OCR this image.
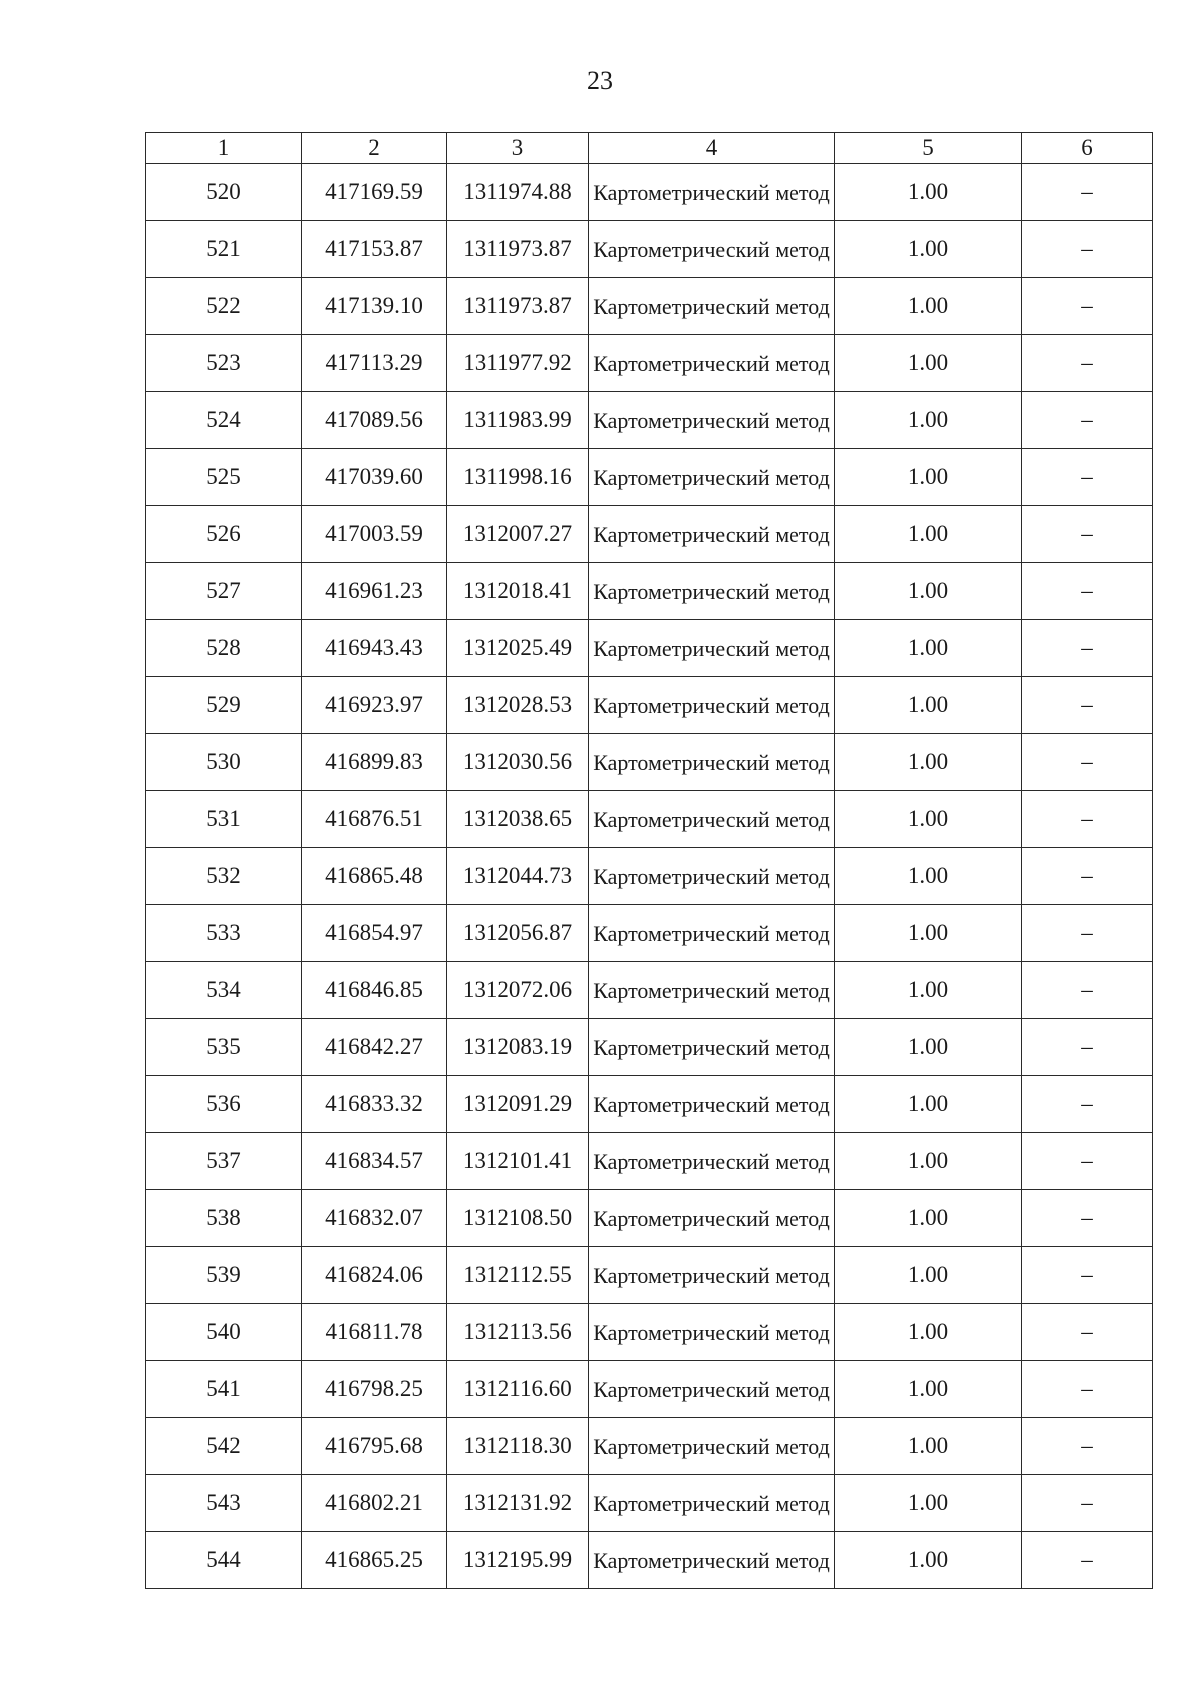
23
1	2	3	4	5	6
520	417169.59	1311974.88	Картометрический метод	1.00	–
521	417153.87	1311973.87	Картометрический метод	1.00	–
522	417139.10	1311973.87	Картометрический метод	1.00	–
523	417113.29	1311977.92	Картометрический метод	1.00	–
524	417089.56	1311983.99	Картометрический метод	1.00	–
525	417039.60	1311998.16	Картометрический метод	1.00	–
526	417003.59	1312007.27	Картометрический метод	1.00	–
527	416961.23	1312018.41	Картометрический метод	1.00	–
528	416943.43	1312025.49	Картометрический метод	1.00	–
529	416923.97	1312028.53	Картометрический метод	1.00	–
530	416899.83	1312030.56	Картометрический метод	1.00	–
531	416876.51	1312038.65	Картометрический метод	1.00	–
532	416865.48	1312044.73	Картометрический метод	1.00	–
533	416854.97	1312056.87	Картометрический метод	1.00	–
534	416846.85	1312072.06	Картометрический метод	1.00	–
535	416842.27	1312083.19	Картометрический метод	1.00	–
536	416833.32	1312091.29	Картометрический метод	1.00	–
537	416834.57	1312101.41	Картометрический метод	1.00	–
538	416832.07	1312108.50	Картометрический метод	1.00	–
539	416824.06	1312112.55	Картометрический метод	1.00	–
540	416811.78	1312113.56	Картометрический метод	1.00	–
541	416798.25	1312116.60	Картометрический метод	1.00	–
542	416795.68	1312118.30	Картометрический метод	1.00	–
543	416802.21	1312131.92	Картометрический метод	1.00	–
544	416865.25	1312195.99	Картометрический метод	1.00	–
